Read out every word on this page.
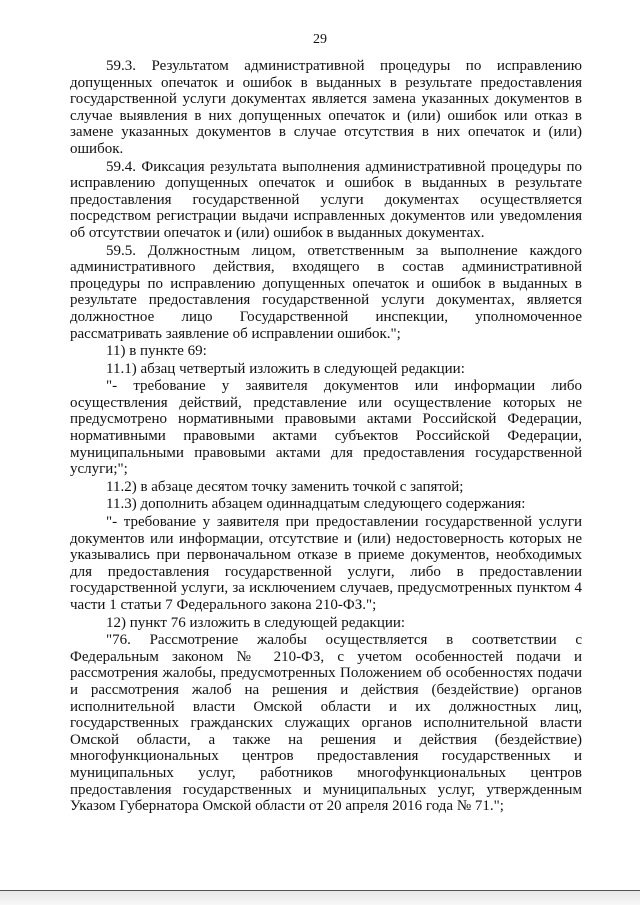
29

59.3. Результатом административной процедуры по исправлению допущенных опечаток и ошибок в выданных в результате предоставления государственной услуги документах является замена указанных документов в случае выявления в них допущенных опечаток и (или) ошибок или отказ в замене указанных документов в случае отсутствия в них опечаток и (или) ошибок.

59.4. Фиксация результата выполнения административной процедуры по исправлению допущенных опечаток и ошибок в выданных в результате предоставления государственной услуги документах осуществляется посредством регистрации выдачи исправленных документов или уведомления об отсутствии опечаток и (или) ошибок в выданных документах.

59.5. Должностным лицом, ответственным за выполнение каждого административного действия, входящего в состав административной процедуры по исправлению допущенных опечаток и ошибок в выданных в результате предоставления государственной услуги документах, является должностное лицо Государственной инспекции, уполномоченное рассматривать заявление об исправлении ошибок.";

11) в пункте 69:

11.1) абзац четвертый изложить в следующей редакции:

"- требование у заявителя документов или информации либо осуществления действий, представление или осуществление которых не предусмотрено нормативными правовыми актами Российской Федерации, нормативными правовыми актами субъектов Российской Федерации, муниципальными правовыми актами для предоставления государственной услуги;";

11.2) в абзаце десятом точку заменить точкой с запятой;

11.3) дополнить абзацем одиннадцатым следующего содержания:

"- требование у заявителя при предоставлении государственной услуги документов или информации, отсутствие и (или) недостоверность которых не указывались при первоначальном отказе в приеме документов, необходимых для предоставления государственной услуги, либо в предоставлении государственной услуги, за исключением случаев, предусмотренных пунктом 4 части 1 статьи 7 Федерального закона 210-ФЗ.";

12) пункт 76 изложить в следующей редакции:

"76. Рассмотрение жалобы осуществляется в соответствии с Федеральным законом № 210-ФЗ, с учетом особенностей подачи и рассмотрения жалобы, предусмотренных Положением об особенностях подачи и рассмотрения жалоб на решения и действия (бездействие) органов исполнительной власти Омской области и их должностных лиц, государственных гражданских служащих органов исполнительной власти Омской области, а также на решения и действия (бездействие) многофункциональных центров предоставления государственных и муниципальных услуг, работников многофункциональных центров предоставления государственных и муниципальных услуг, утвержденным Указом Губернатора Омской области от 20 апреля 2016 года № 71.";
